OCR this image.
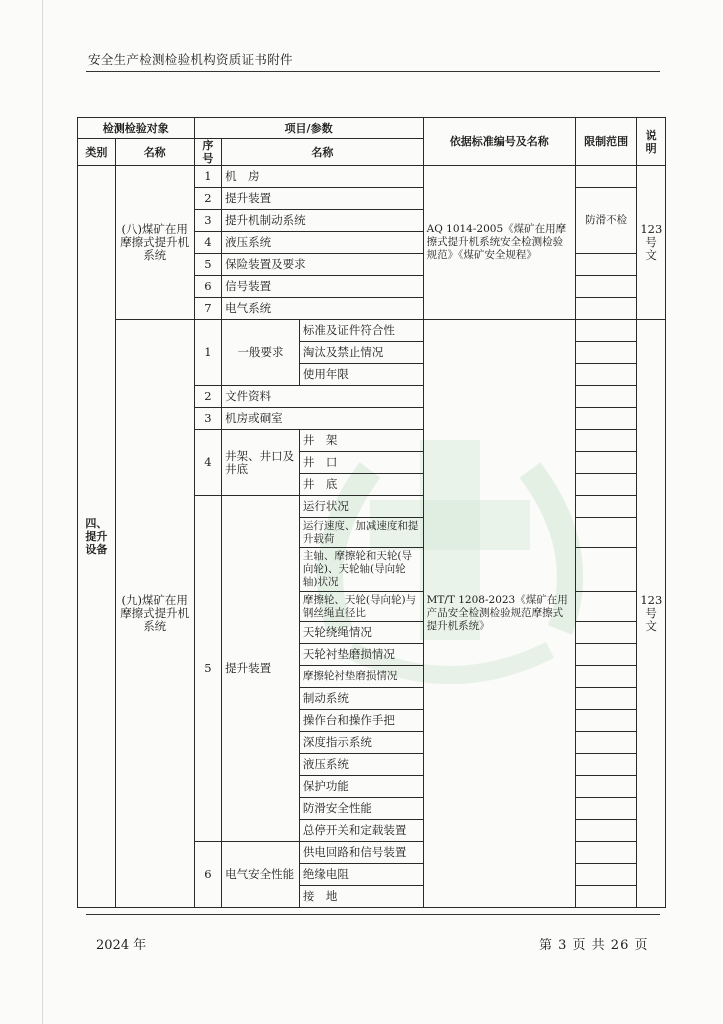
安全生产检测检验机构资质证书附件
检测检验对象		项目/参数			依据标准编号及名称	限制范围	说明
类别	名称	序号	名称				
四、提升设备	(八)煤矿在用摩擦式提升机系统	1	机　房		AQ 1014-2005《煤矿在用摩擦式提升机系统安全检测检验规范》《煤矿安全规程》		123号文
		2	提升装置			防滑不检	
		3	提升机制动系统				
		4	液压系统				
		5	保险装置及要求				
		6	信号装置				
		7	电气系统				
	(九)煤矿在用摩擦式提升机系统	1	一般要求	标准及证件符合性	MT/T 1208-2023《煤矿在用产品安全检测检验规范摩擦式提升机系统》		123号文
				淘汰及禁止情况			
				使用年限			
		2	文件资料				
		3	机房或硐室				
		4	井架、井口及井底	井　架			
				井　口			
				井　底			
		5	提升装置	运行状况			
				运行速度、加减速度和提升载荷			
				主轴、摩擦轮和天轮(导向轮)、天轮轴(导向轮轴)状况			
				摩擦轮、天轮(导向轮)与钢丝绳直径比			
				天轮绕绳情况			
				天轮衬垫磨损情况			
				摩擦轮衬垫磨损情况			
				制动系统			
				操作台和操作手把			
				深度指示系统			
				液压系统			
				保护功能			
				防滑安全性能			
				总停开关和定载装置			
		6	电气安全性能	供电回路和信号装置			
				绝缘电阻			
				接　地			
2024 年	第 3 页 共 26 页
